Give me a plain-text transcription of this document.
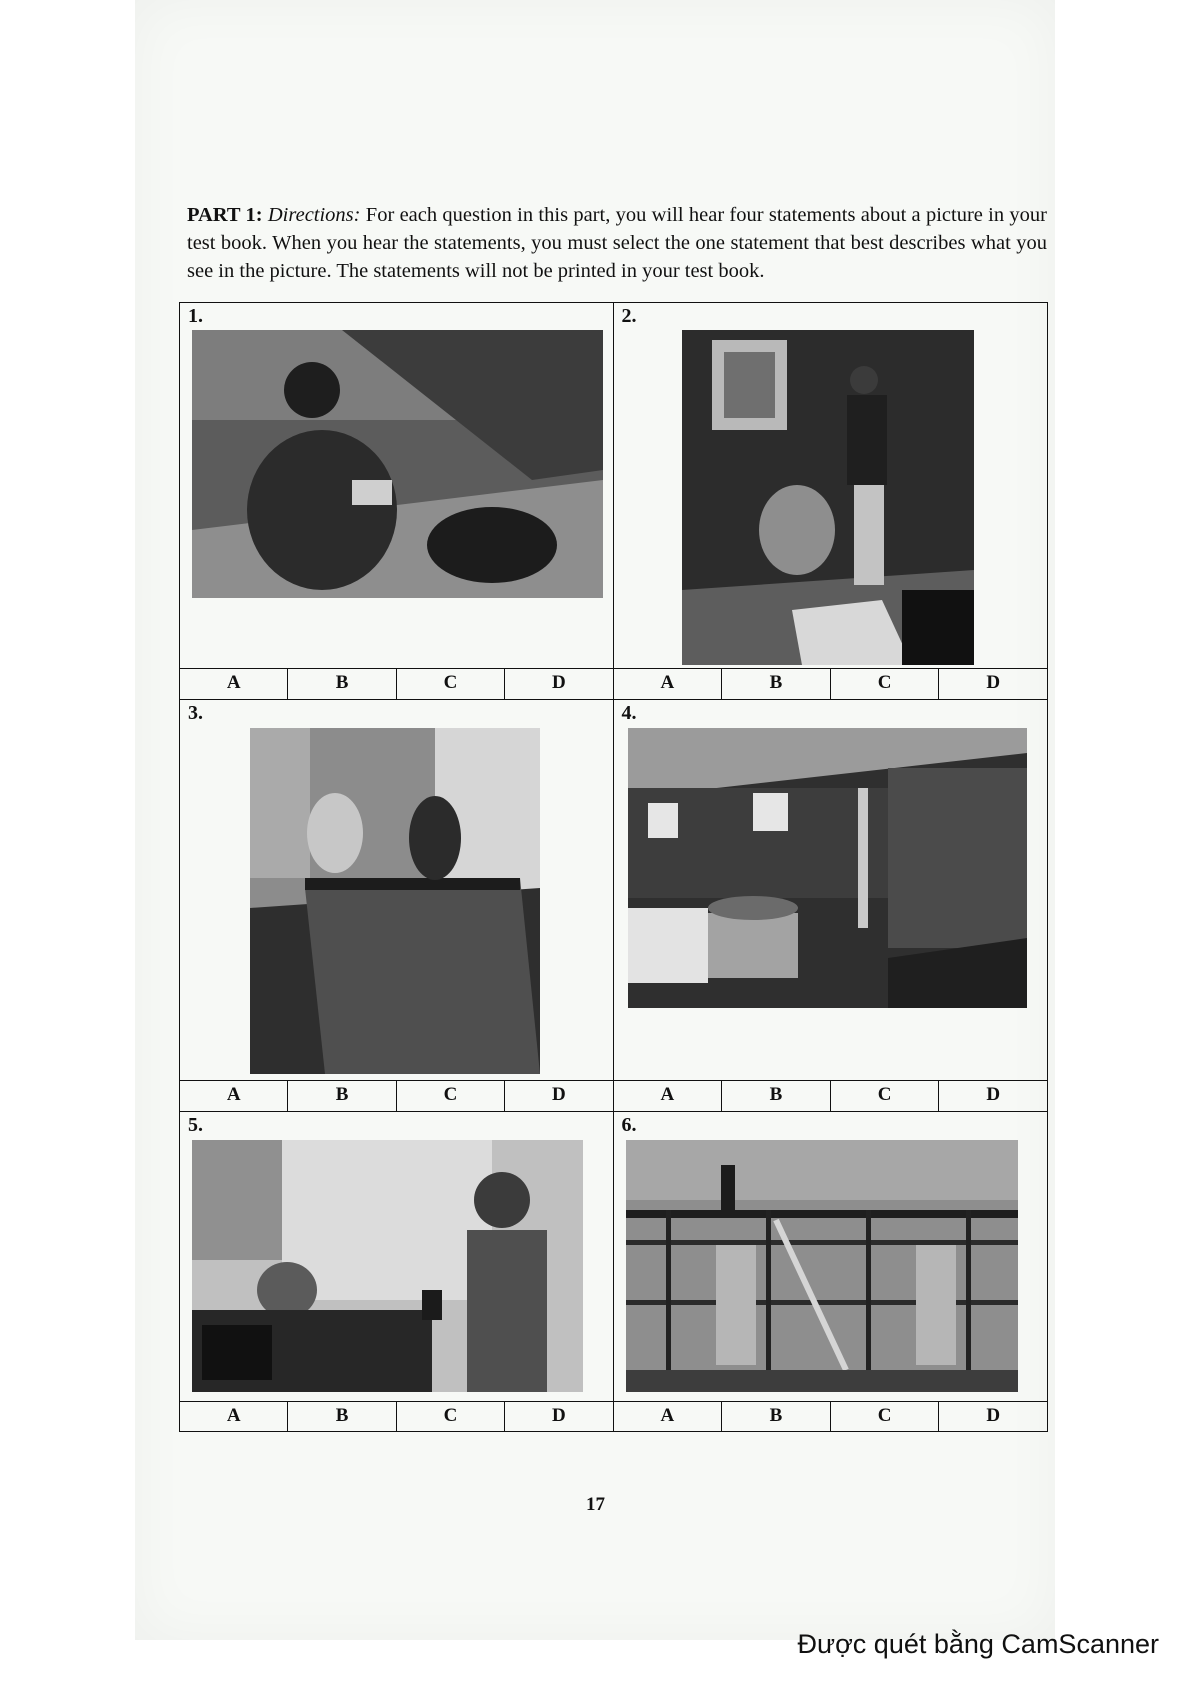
PART 1: Directions: For each question in this part, you will hear four statements about a picture in your test book. When you hear the statements, you must select the one statement that best describes what you see in the picture. The statements will not be printed in your test book.
1.
A	B	C	D
2.
A	B	C	D
3.
A	B	C	D
4.
A	B	C	D
5.
A	B	C	D
6.
A	B	C	D
17
Được quét bằng CamScanner
